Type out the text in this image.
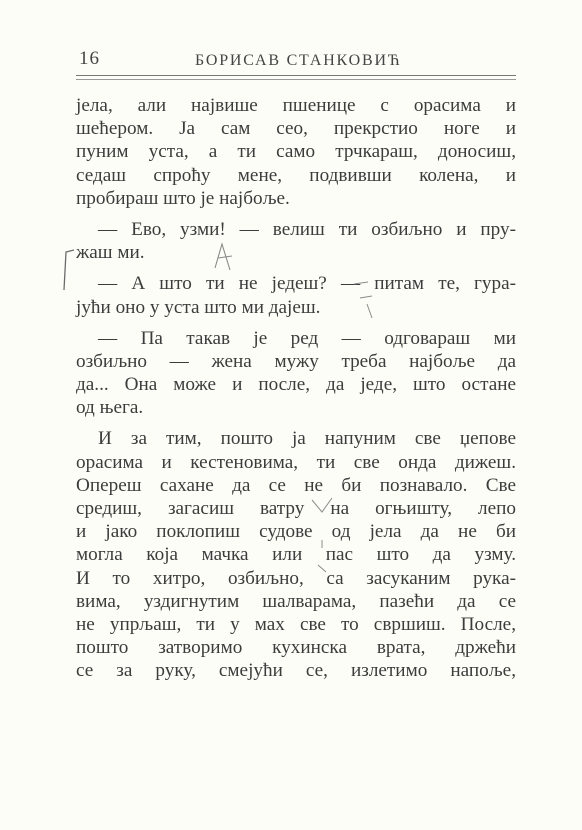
16	БОРИСАВ СТАНКОВИЋ
јела, али највише пшенице с орасима и
шећером. Ја сам сео, прекрстио ноге и
пуним уста, а ти само трчкараш, доносиш,
седаш спроћу мене, подвивши колена, и
пробираш што је најбоље.
— Ево, узми! — велиш ти озбиљно и пру-
жаш ми.
— А што ти не једеш? — питам те, гура-
јући оно у уста што ми дајеш.
— Па такав је ред — одговараш ми
озбиљно — жена мужу треба најбоље да
да... Она може и после, да једе, што остане
од њега.
И за тим, пошто ја напуним све џепове
орасима и кестеновима, ти све онда дижеш.
Опереш сахане да се не би познавало. Све
средиш, загасиш ватру на огњишту, лепо
и јако поклопиш судове од јела да не би
могла која мачка или пас што да узму.
И то хитро, озбиљно, са засуканим рука-
вима, уздигнутим шалварама, пазећи да се
не упрљаш, ти у мах све то свршиш. После,
пошто затворимо кухинска врата, држећи
се за руку, смејући се, излетимо напоље,
